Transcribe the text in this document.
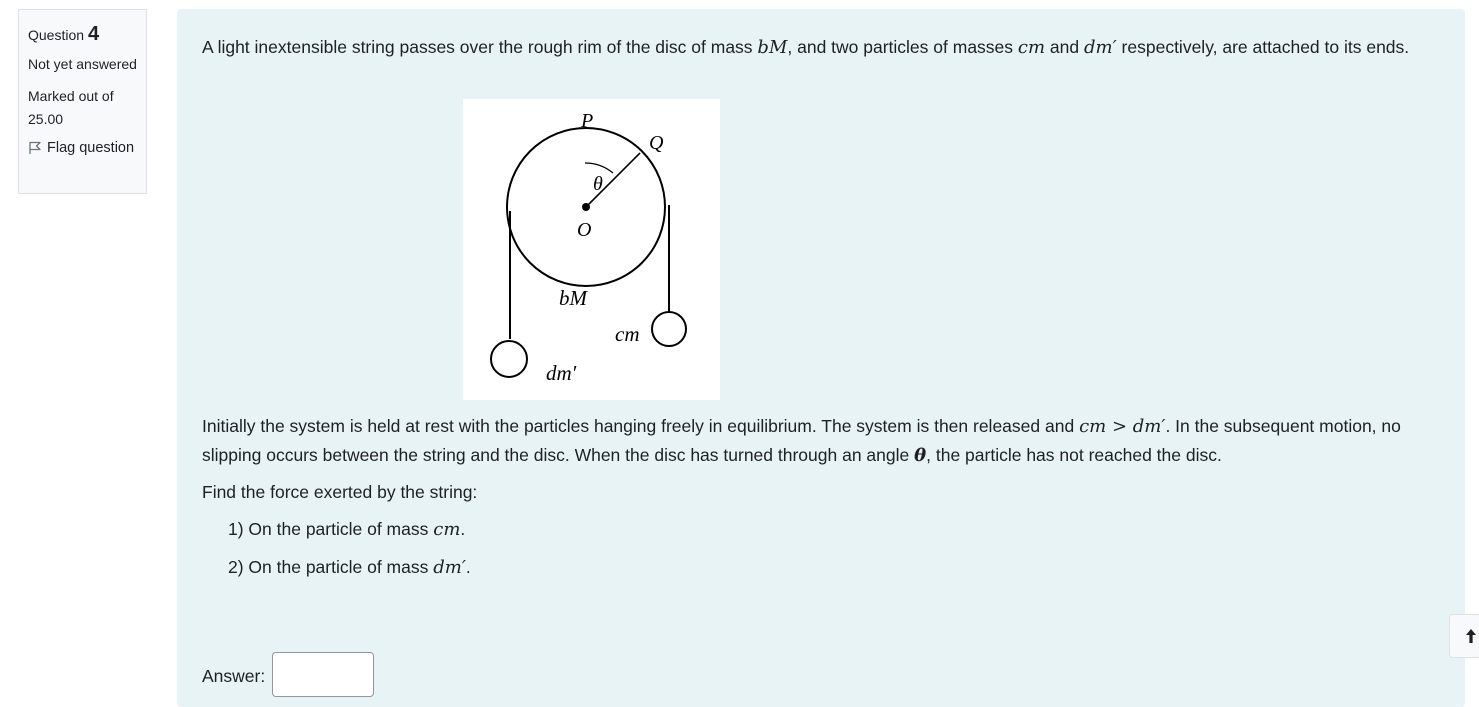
Question 4
Not yet answered
Marked out of 25.00
Flag question
A light inextensible string passes over the rough rim of the disc of mass bM, and two particles of masses cm and dm′ respectively, are attached to its ends.
P
Q
θ
O
bM
cm
dm′
Initially the system is held at rest with the particles hanging freely in equilibrium. The system is then released and cm > dm′. In the subsequent motion, no slipping occurs between the string and the disc. When the disc has turned through an angle θ, the particle has not reached the disc.
Find the force exerted by the string:
1) On the particle of mass cm.
2) On the particle of mass dm′.
Answer:
